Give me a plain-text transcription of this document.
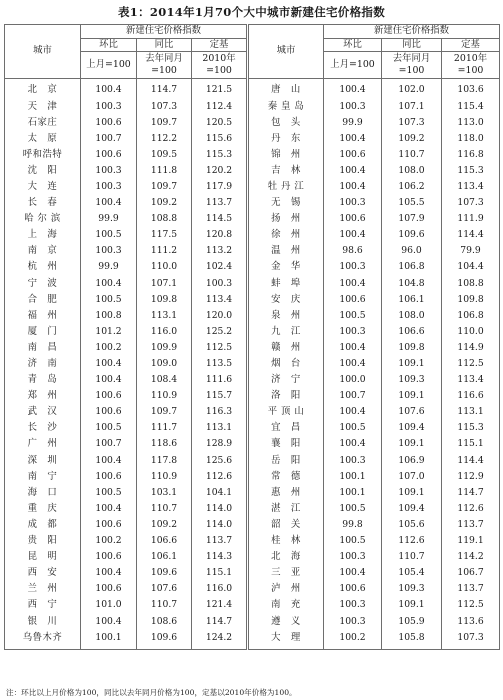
表1：2014年1月70个大中城市新建住宅价格指数
城市	新建住宅价格指数			城市	新建住宅价格指数		
	环比	同比	定基		环比	同比	定基
	上月=100	去年同月=100	2010年=100		上月=100	去年同月=100	2010年=100
北　京	100.4	114.7	121.5	唐　山	100.4	102.0	103.6
天　津	100.3	107.3	112.4	秦 皇 岛	100.3	107.1	115.4
石家庄	100.6	109.7	120.5	包　头	99.9	107.3	113.0
太　原	100.7	112.2	115.6	丹　东	100.4	109.2	118.0
呼和浩特	100.6	109.5	115.3	锦　州	100.6	110.7	116.8
沈　阳	100.3	111.8	120.2	吉　林	100.4	108.0	115.3
大　连	100.3	109.7	117.9	牡 丹 江	100.4	106.2	113.4
长　春	100.4	109.2	113.7	无　锡	100.3	105.5	107.3
哈 尔 滨	99.9	108.8	114.5	扬　州	100.6	107.9	111.9
上　海	100.5	117.5	120.8	徐　州	100.4	109.6	114.4
南　京	100.3	111.2	113.2	温　州	98.6	96.0	79.9
杭　州	99.9	110.0	102.4	金　华	100.3	106.8	104.4
宁　波	100.4	107.1	100.3	蚌　埠	100.4	104.8	108.8
合　肥	100.5	109.8	113.4	安　庆	100.6	106.1	109.8
福　州	100.8	113.1	120.0	泉　州	100.5	108.0	106.8
厦　门	101.2	116.0	125.2	九　江	100.3	106.6	110.0
南　昌	100.2	109.9	112.5	赣　州	100.4	109.8	114.9
济　南	100.4	109.0	113.5	烟　台	100.4	109.1	112.5
青　岛	100.4	108.4	111.6	济　宁	100.0	109.3	113.4
郑　州	100.6	110.9	115.7	洛　阳	100.7	109.1	116.6
武　汉	100.6	109.7	116.3	平 顶 山	100.4	107.6	113.1
长　沙	100.5	111.7	113.1	宜　昌	100.5	109.4	115.3
广　州	100.7	118.6	128.9	襄　阳	100.4	109.1	115.1
深　圳	100.4	117.8	125.6	岳　阳	100.3	106.9	114.4
南　宁	100.6	110.9	112.6	常　德	100.1	107.0	112.9
海　口	100.5	103.1	104.1	惠　州	100.1	109.1	114.7
重　庆	100.4	110.7	114.0	湛　江	100.5	109.4	112.6
成　都	100.6	109.2	114.0	韶　关	99.8	105.6	113.7
贵　阳	100.2	106.6	113.7	桂　林	100.5	112.6	119.1
昆　明	100.6	106.1	114.3	北　海	100.3	110.7	114.2
西　安	100.4	109.6	115.1	三　亚	100.4	105.4	106.7
兰　州	100.6	107.6	116.0	泸　州	100.6	109.3	113.7
西　宁	101.0	110.7	121.4	南　充	100.3	109.1	112.5
银　川	100.4	108.6	114.7	遵　义	100.3	105.9	113.6
乌鲁木齐	100.1	109.6	124.2	大　理	100.2	105.8	107.3
注：环比以上月价格为100，同比以去年同月价格为100，定基以2010年价格为100。
